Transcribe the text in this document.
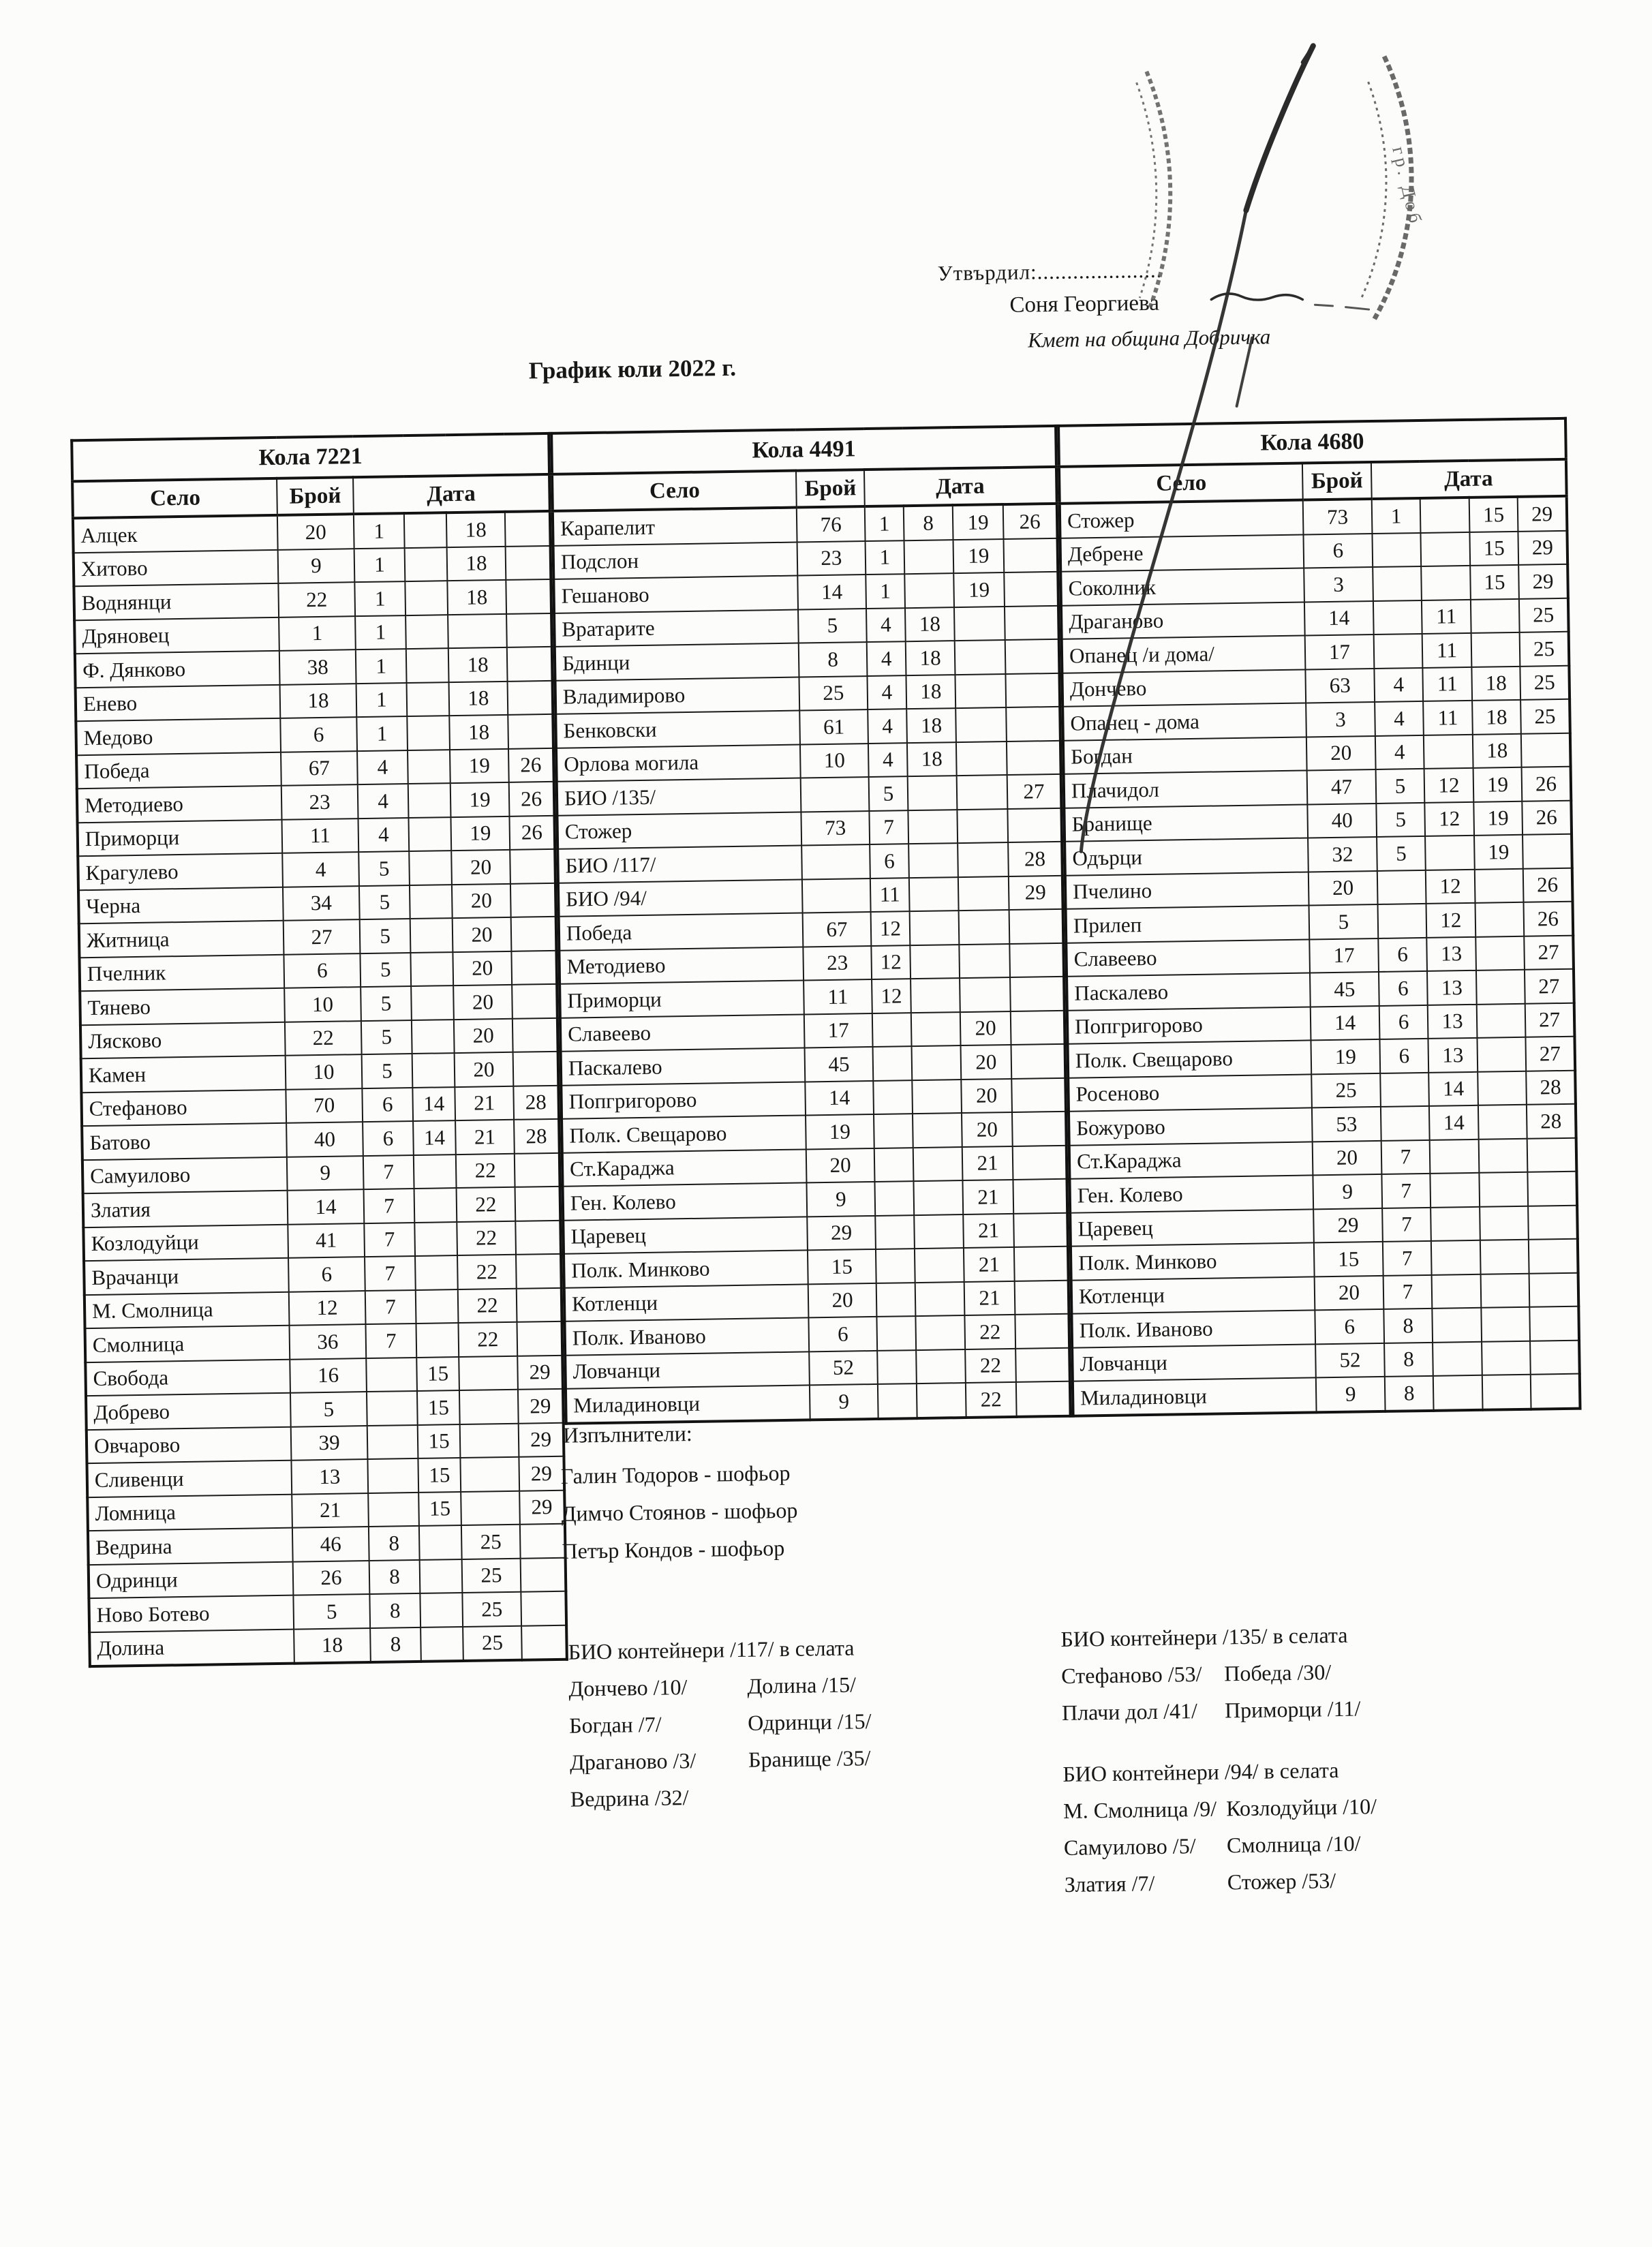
Утвърдил:.....................
Соня Георгиева
Кмет на община Добричка
График юли 2022 г.
Кола 7221					
Село	Брой	Дата			
Алцек	20	1		18	
Хитово	9	1		18	
Воднянци	22	1		18	
Дряновец	1	1			
Ф. Дянково	38	1		18	
Енево	18	1		18	
Медово	6	1		18	
Победа	67	4		19	26
Методиево	23	4		19	26
Приморци	11	4		19	26
Крагулево	4	5		20	
Черна	34	5		20	
Житница	27	5		20	
Пчелник	6	5		20	
Тянево	10	5		20	
Лясково	22	5		20	
Камен	10	5		20	
Стефаново	70	6	14	21	28
Батово	40	6	14	21	28
Самуилово	9	7		22	
Златия	14	7		22	
Козлодуйци	41	7		22	
Врачанци	6	7		22	
М. Смолница	12	7		22	
Смолница	36	7		22	
Свобода	16		15		29
Добрево	5		15		29
Овчарово	39		15		29
Сливенци	13		15		29
Ломница	21		15		29
Ведрина	46	8		25	
Одринци	26	8		25	
Ново Ботево	5	8		25	
Долина	18	8		25	
Кола 4491					
Село	Брой	Дата			
Карапелит	76	1	8	19	26
Подслон	23	1		19	
Гешаново	14	1		19	
Вратарите	5	4	18		
Бдинци	8	4	18		
Владимирово	25	4	18		
Бенковски	61	4	18		
Орлова могила	10	4	18		
БИО /135/		5			27
Стожер	73	7			
БИО /117/		6			28
БИО /94/		11			29
Победа	67	12			
Методиево	23	12			
Приморци	11	12			
Славеево	17			20	
Паскалево	45			20	
Попгригорово	14			20	
Полк. Свещарово	19			20	
Ст.Караджа	20			21	
Ген. Колево	9			21	
Царевец	29			21	
Полк. Минково	15			21	
Котленци	20			21	
Полк. Иваново	6			22	
Ловчанци	52			22	
Миладиновци	9			22	
Кола 4680					
Село	Брой	Дата			
Стожер	73	1		15	29
Дебрене	6			15	29
Соколник	3			15	29
Драганово	14		11		25
Опанец /и дома/	17		11		25
Дончево	63	4	11	18	25
Опанец - дома	3	4	11	18	25
Богдан	20	4		18	
Плачидол	47	5	12	19	26
Бранище	40	5	12	19	26
Одърци	32	5		19	
Пчелино	20		12		26
Прилеп	5		12		26
Славеево	17	6	13		27
Паскалево	45	6	13		27
Попгригорово	14	6	13		27
Полк. Свещарово	19	6	13		27
Росеново	25		14		28
Божурово	53		14		28
Ст.Караджа	20	7			
Ген. Колево	9	7			
Царевец	29	7			
Полк. Минково	15	7			
Котленци	20	7			
Полк. Иваново	6	8			
Ловчанци	52	8			
Миладиновци	9	8			
Изпълнители:
Галин Тодоров - шофьор
Димчо Стоянов - шофьор
Петър Кондов - шофьор
БИО контейнери /117/ в селата
Дончево /10/	Долина /15/
Богдан /7/	Одринци /15/
Драганово /3/ Бранище /35/
Ведрина /32/
БИО контейнери /135/ в селата
Стефаново /53/ Победа /30/
Плачи дол /41/ Приморци /11/
БИО контейнери /94/ в селата
М. Смолница /9/ Козлодуйци /10/
Самуилово /5/ Смолница /10/
Златия /7/	Стожер /53/
гр. Доб
